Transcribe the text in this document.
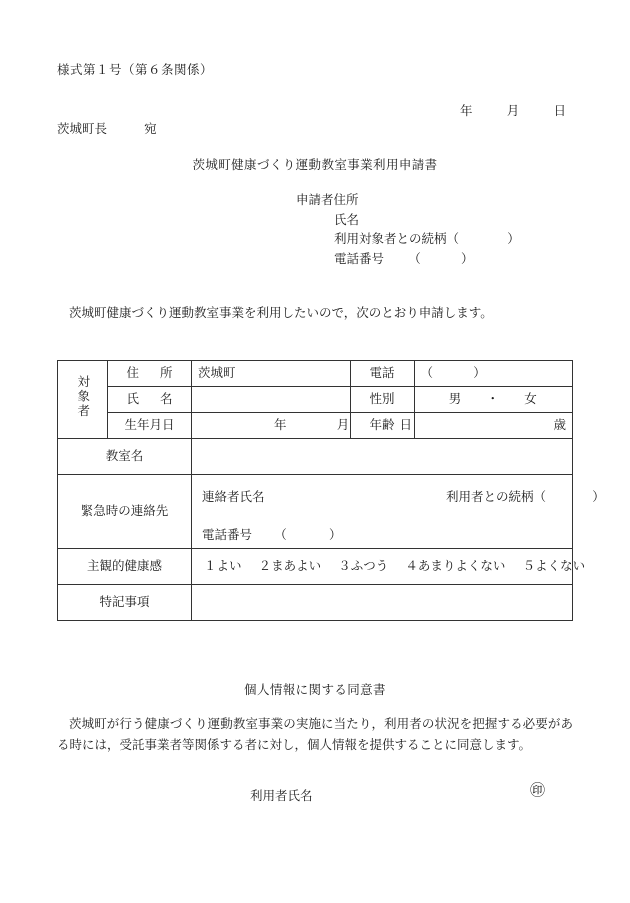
様式第１号（第６条関係）
年	月	日
茨城町長	宛
茨城町健康づくり運動教室事業利用申請書
申請者住所
氏名
利用対象者との続柄（	）
電話番号 （	）
茨城町健康づくり運動教室事業を利用したいので，次のとおり申請します。
対象者	住 所	茨城町	電話	（ ）

	氏 名		性別	男 ・ 女
	生年月日	年 月 日	年齢	歳
教室名				
緊急時の連絡先		連絡者氏名 利用者との続柄（ ）
電話番号 （ ）		

主観的健康感		１よい ２まあよい ３ふつう ４あまりよくない ５よくない		
特記事項				
個人情報に関する同意書

茨城町が行う健康づくり運動教室事業の実施に当たり，利用者の状況を把握する必要がある時には，受託事業者等関係する者に対し，個人情報を提供することに同意します。

利用者氏名	㊞
